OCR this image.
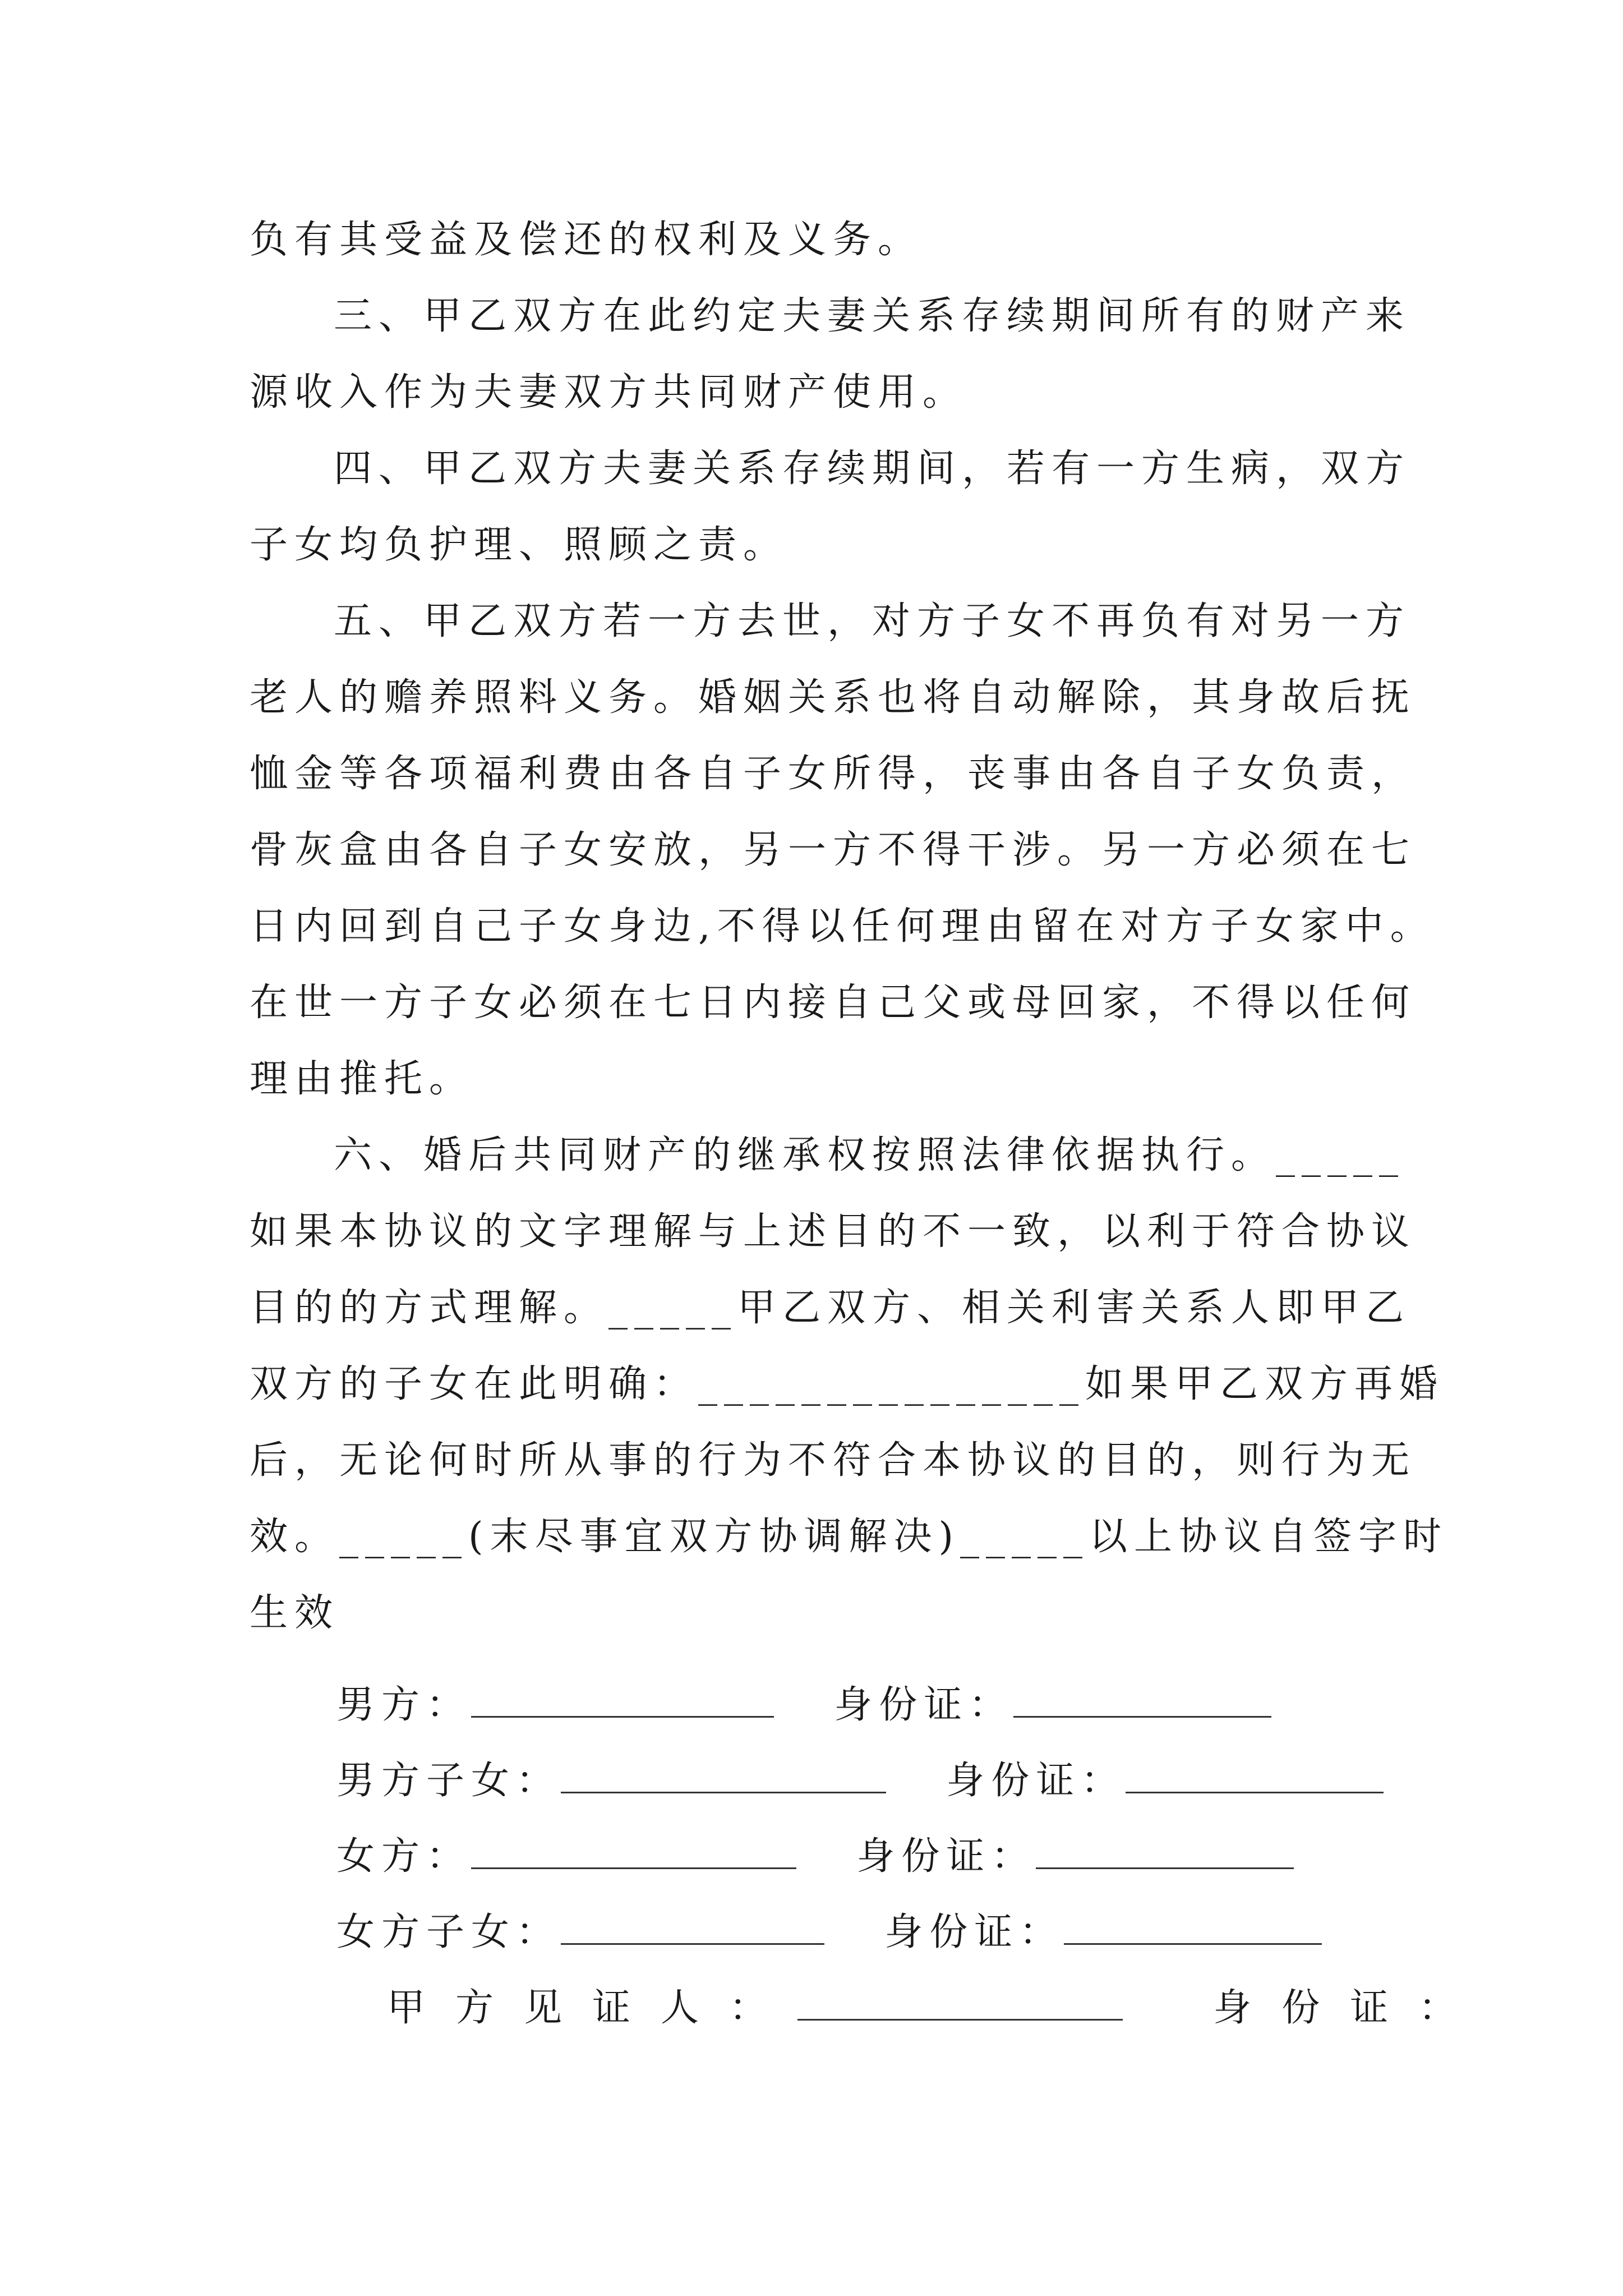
负有其受益及偿还的权利及义务。
三、甲乙双方在此约定夫妻关系存续期间所有的财产来
源收入作为夫妻双方共同财产使用。
四、甲乙双方夫妻关系存续期间，若有一方生病，双方
子女均负护理、照顾之责。
五、甲乙双方若一方去世，对方子女不再负有对另一方
老人的赡养照料义务。婚姻关系也将自动解除，其身故后抚
恤金等各项福利费由各自子女所得，丧事由各自子女负责，
骨灰盒由各自子女安放，另一方不得干涉。另一方必须在七
日内回到自己子女身边,不得以任何理由留在对方子女家中。
在世一方子女必须在七日内接自己父或母回家，不得以任何
理由推托。
六、婚后共同财产的继承权按照法律依据执行。_____
如果本协议的文字理解与上述目的不一致，以利于符合协议
目的的方式理解。_____甲乙双方、相关利害关系人即甲乙
双方的子女在此明确：_______________如果甲乙双方再婚
后，无论何时所从事的行为不符合本协议的目的，则行为无
效。_____(末尽事宜双方协调解决)_____以上协议自签字时
生效
男方：	身份证：
男方子女：	身份证：
女方：	身份证：
女方子女：	身份证：
甲方见证人：	身份证：
